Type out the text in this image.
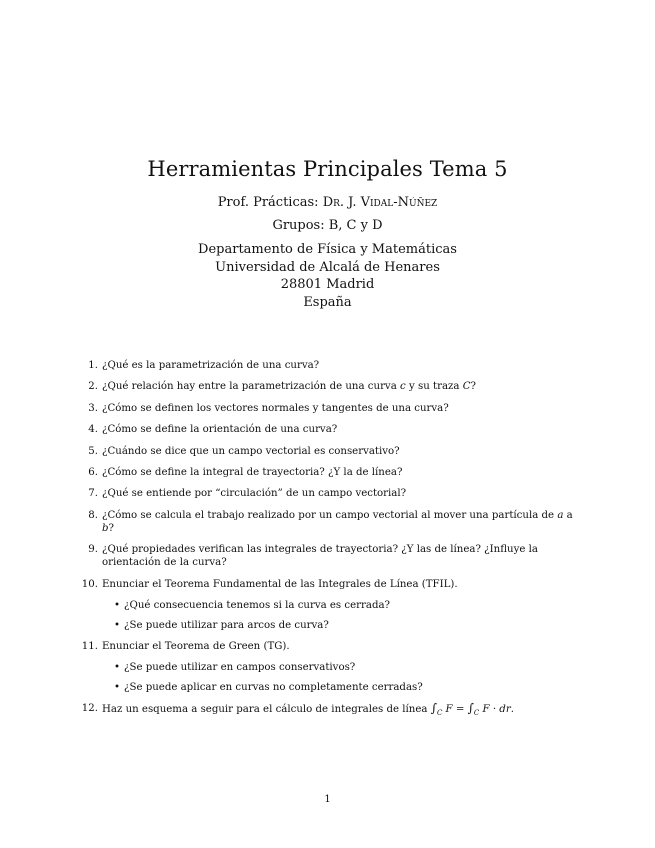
Herramientas Principales Tema 5
Prof. Prácticas: Dr. J. Vidal-Núñez
Grupos: B, C y D
Departamento de Física y Matemáticas
Universidad de Alcalá de Henares
28801 Madrid
España
1. ¿Qué es la parametrización de una curva?
2. ¿Qué relación hay entre la parametrización de una curva c y su traza C?
3. ¿Cómo se definen los vectores normales y tangentes de una curva?
4. ¿Cómo se define la orientación de una curva?
5. ¿Cuándo se dice que un campo vectorial es conservativo?
6. ¿Cómo se define la integral de trayectoria? ¿Y la de línea?
7. ¿Qué se entiende por “circulación” de un campo vectorial?
8. ¿Cómo se calcula el trabajo realizado por un campo vectorial al mover una partícula de a a b?
9. ¿Qué propiedades verifican las integrales de trayectoria? ¿Y las de línea? ¿Influye la orientación de la curva?
10. Enunciar el Teorema Fundamental de las Integrales de Línea (TFIL).
• ¿Qué consecuencia tenemos si la curva es cerrada?
• ¿Se puede utilizar para arcos de curva?
11. Enunciar el Teorema de Green (TG).
• ¿Se puede utilizar en campos conservativos?
• ¿Se puede aplicar en curvas no completamente cerradas?
12. Haz un esquema a seguir para el cálculo de integrales de línea $\int_C$ $F = \int_C$ F · dr.
1
